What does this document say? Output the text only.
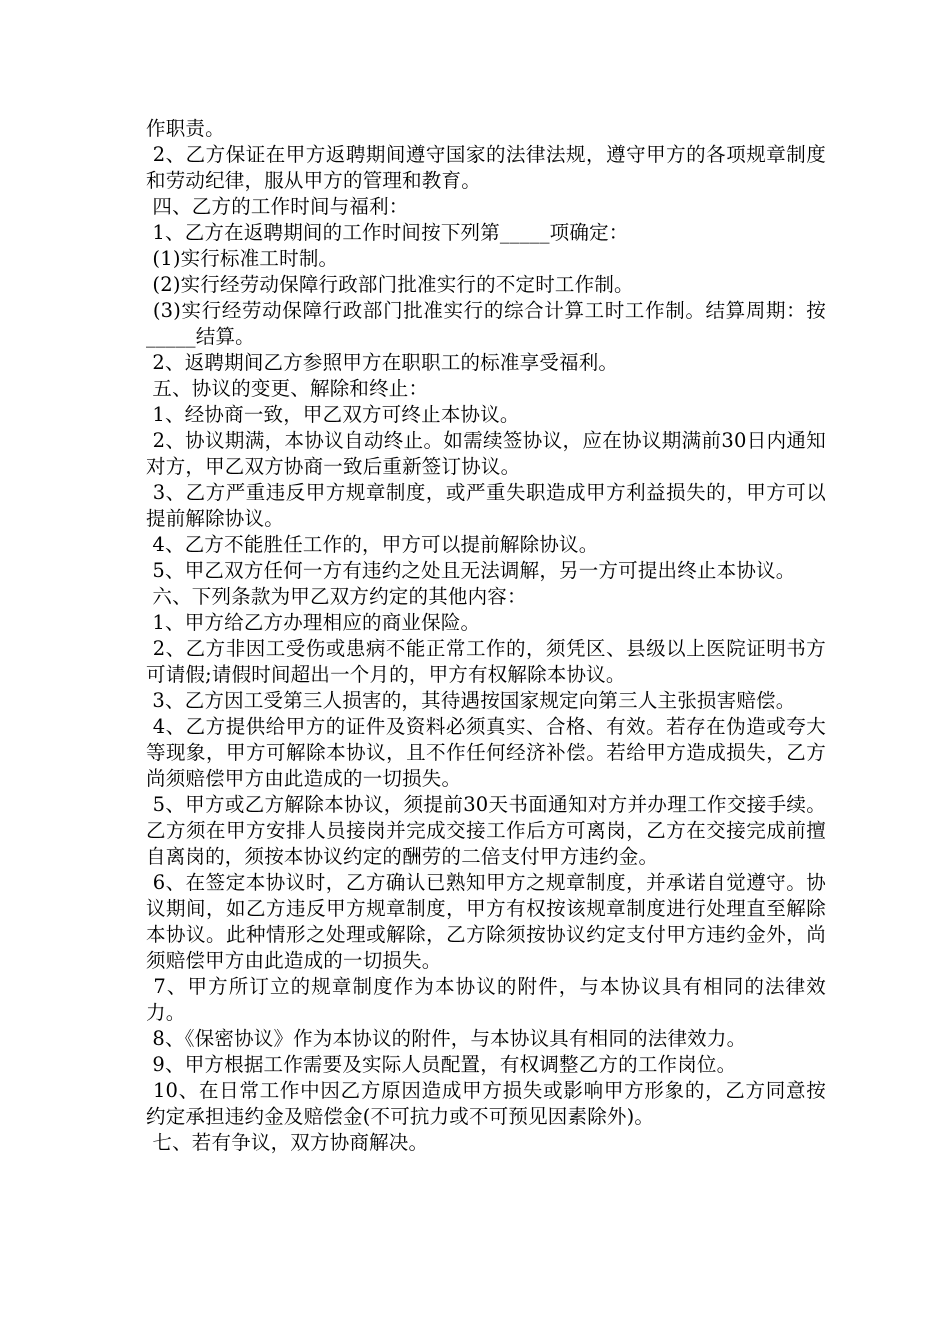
作职责。

2、乙方保证在甲方返聘期间遵守国家的法律法规，遵守甲方的各项规章制度和劳动纪律，服从甲方的管理和教育。

四、乙方的工作时间与福利：

1、乙方在返聘期间的工作时间按下列第_____项确定：

(1)实行标准工时制。

(2)实行经劳动保障行政部门批准实行的不定时工作制。

(3)实行经劳动保障行政部门批准实行的综合计算工时工作制。结算周期：按_____结算。

2、返聘期间乙方参照甲方在职职工的标准享受福利。

五、协议的变更、解除和终止：

1、经协商一致，甲乙双方可终止本协议。

2、协议期满，本协议自动终止。如需续签协议，应在协议期满前30日内通知对方，甲乙双方协商一致后重新签订协议。

3、乙方严重违反甲方规章制度，或严重失职造成甲方利益损失的，甲方可以提前解除协议。

4、乙方不能胜任工作的，甲方可以提前解除协议。

5、甲乙双方任何一方有违约之处且无法调解，另一方可提出终止本协议。

六、下列条款为甲乙双方约定的其他内容：

1、甲方给乙方办理相应的商业保险。

2、乙方非因工受伤或患病不能正常工作的，须凭区、县级以上医院证明书方可请假;请假时间超出一个月的，甲方有权解除本协议。

3、乙方因工受第三人损害的，其待遇按国家规定向第三人主张损害赔偿。

4、乙方提供给甲方的证件及资料必须真实、合格、有效。若存在伪造或夸大等现象，甲方可解除本协议，且不作任何经济补偿。若给甲方造成损失，乙方尚须赔偿甲方由此造成的一切损失。

5、甲方或乙方解除本协议，须提前30天书面通知对方并办理工作交接手续。乙方须在甲方安排人员接岗并完成交接工作后方可离岗，乙方在交接完成前擅自离岗的，须按本协议约定的酬劳的二倍支付甲方违约金。

6、在签定本协议时，乙方确认已熟知甲方之规章制度，并承诺自觉遵守。协议期间，如乙方违反甲方规章制度，甲方有权按该规章制度进行处理直至解除本协议。此种情形之处理或解除，乙方除须按协议约定支付甲方违约金外，尚须赔偿甲方由此造成的一切损失。

7、甲方所订立的规章制度作为本协议的附件，与本协议具有相同的法律效力。

8、《保密协议》作为本协议的附件，与本协议具有相同的法律效力。

9、甲方根据工作需要及实际人员配置，有权调整乙方的工作岗位。

10、在日常工作中因乙方原因造成甲方损失或影响甲方形象的，乙方同意按约定承担违约金及赔偿金(不可抗力或不可预见因素除外)。

七、若有争议，双方协商解决。
